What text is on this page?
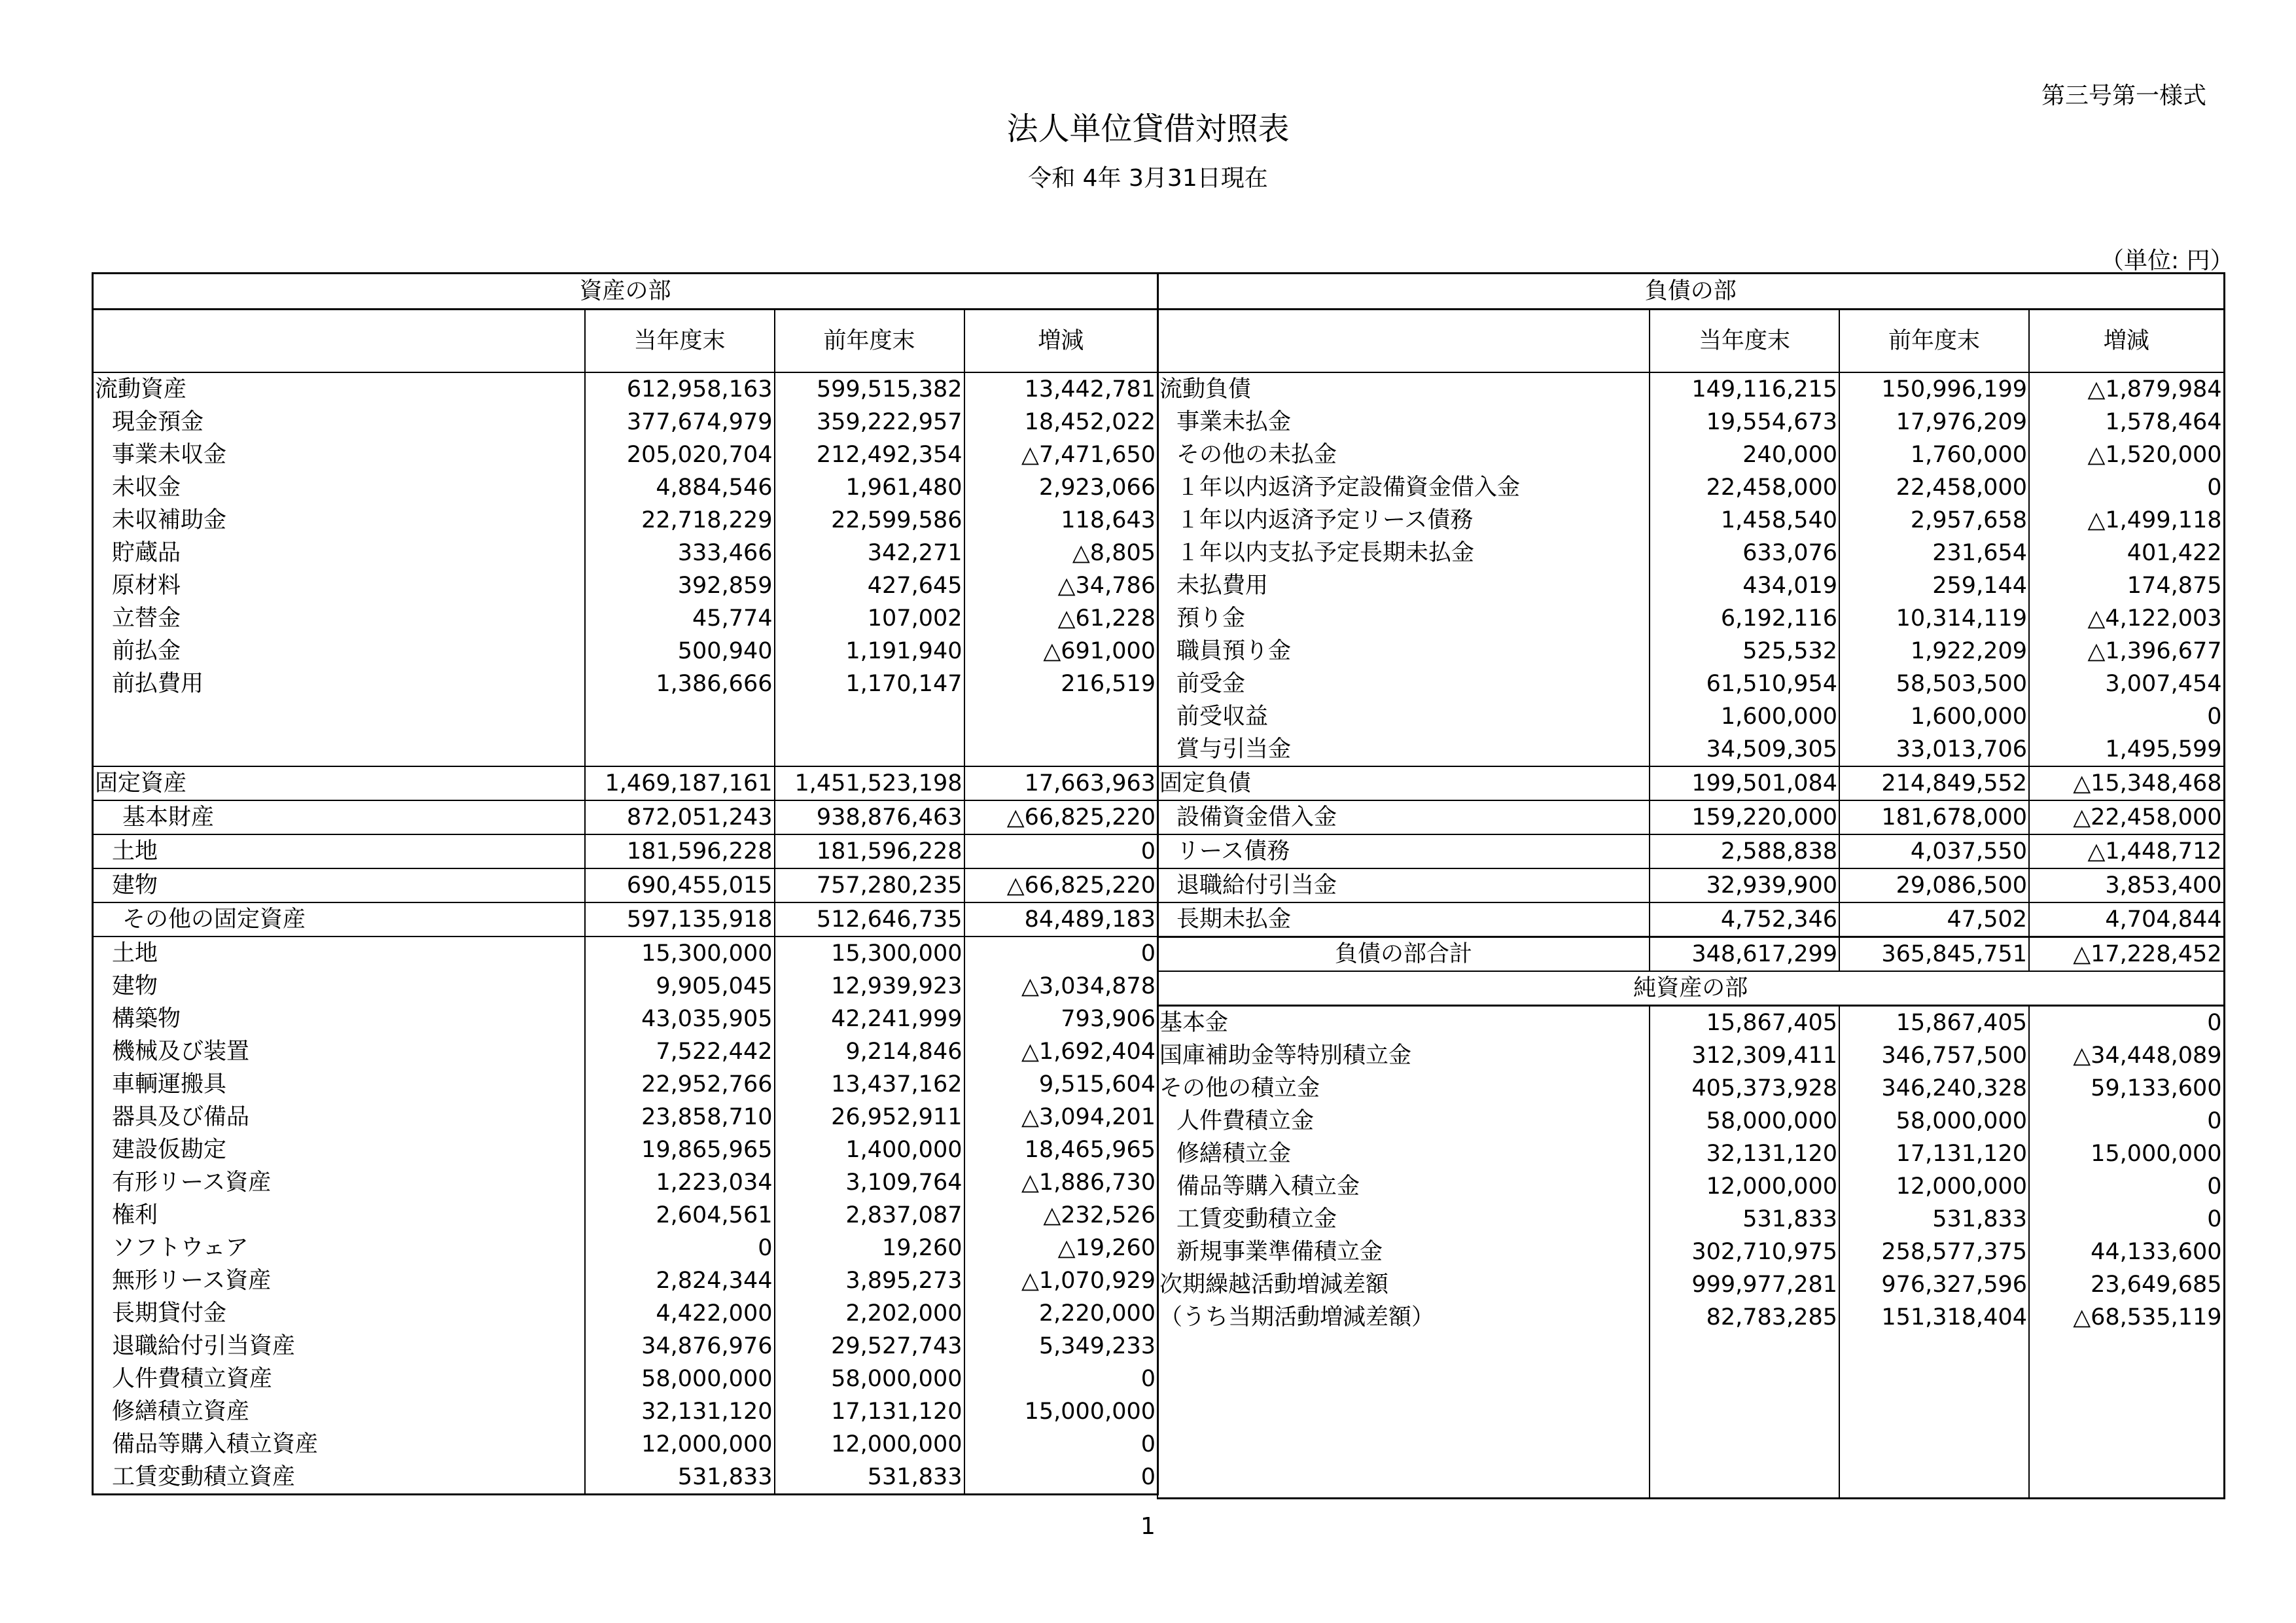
第三号第一様式
法人単位貸借対照表
令和 4年 3月31日現在
（単位: 円）
資産の部			
	当年度末	前年度末	増減
流動資産	612,958,163	599,515,382	13,442,781
現金預金	377,674,979	359,222,957	18,452,022
事業未収金	205,020,704	212,492,354	△7,471,650
未収金	4,884,546	1,961,480	2,923,066
未収補助金	22,718,229	22,599,586	118,643
貯蔵品	333,466	342,271	△8,805
原材料	392,859	427,645	△34,786
立替金	45,774	107,002	△61,228
前払金	500,940	1,191,940	△691,000
前払費用	1,386,666	1,170,147	216,519

固定資産	1,469,187,161	1,451,523,198	17,663,963
基本財産	872,051,243	938,876,463	△66,825,220
土地	181,596,228	181,596,228	0
建物	690,455,015	757,280,235	△66,825,220
その他の固定資産	597,135,918	512,646,735	84,489,183
土地	15,300,000	15,300,000	0
建物	9,905,045	12,939,923	△3,034,878
構築物	43,035,905	42,241,999	793,906
機械及び装置	7,522,442	9,214,846	△1,692,404
車輌運搬具	22,952,766	13,437,162	9,515,604
器具及び備品	23,858,710	26,952,911	△3,094,201
建設仮勘定	19,865,965	1,400,000	18,465,965
有形リース資産	1,223,034	3,109,764	△1,886,730
権利	2,604,561	2,837,087	△232,526
ソフトウェア	0	19,260	△19,260
無形リース資産	2,824,344	3,895,273	△1,070,929
長期貸付金	4,422,000	2,202,000	2,220,000
退職給付引当資産	34,876,976	29,527,743	5,349,233
人件費積立資産	58,000,000	58,000,000	0
修繕積立資産	32,131,120	17,131,120	15,000,000
備品等購入積立資産	12,000,000	12,000,000	0
工賃変動積立資産	531,833	531,833	0
負債の部			
	当年度末	前年度末	増減
流動負債	149,116,215	150,996,199	△1,879,984
事業未払金	19,554,673	17,976,209	1,578,464
その他の未払金	240,000	1,760,000	△1,520,000
１年以内返済予定設備資金借入金	22,458,000	22,458,000	0
１年以内返済予定リース債務	1,458,540	2,957,658	△1,499,118
１年以内支払予定長期未払金	633,076	231,654	401,422
未払費用	434,019	259,144	174,875
預り金	6,192,116	10,314,119	△4,122,003
職員預り金	525,532	1,922,209	△1,396,677
前受金	61,510,954	58,503,500	3,007,454
前受収益	1,600,000	1,600,000	0
賞与引当金	34,509,305	33,013,706	1,495,599
固定負債	199,501,084	214,849,552	△15,348,468
設備資金借入金	159,220,000	181,678,000	△22,458,000
リース債務	2,588,838	4,037,550	△1,448,712
退職給付引当金	32,939,900	29,086,500	3,853,400
長期未払金	4,752,346	47,502	4,704,844
負債の部合計	348,617,299	365,845,751	△17,228,452
純資産の部			
基本金	15,867,405	15,867,405	0
国庫補助金等特別積立金	312,309,411	346,757,500	△34,448,089
その他の積立金	405,373,928	346,240,328	59,133,600
人件費積立金	58,000,000	58,000,000	0
修繕積立金	32,131,120	17,131,120	15,000,000
備品等購入積立金	12,000,000	12,000,000	0
工賃変動積立金	531,833	531,833	0
新規事業準備積立金	302,710,975	258,577,375	44,133,600
次期繰越活動増減差額	999,977,281	976,327,596	23,649,685
（うち当期活動増減差額）	82,783,285	151,318,404	△68,535,119

1
